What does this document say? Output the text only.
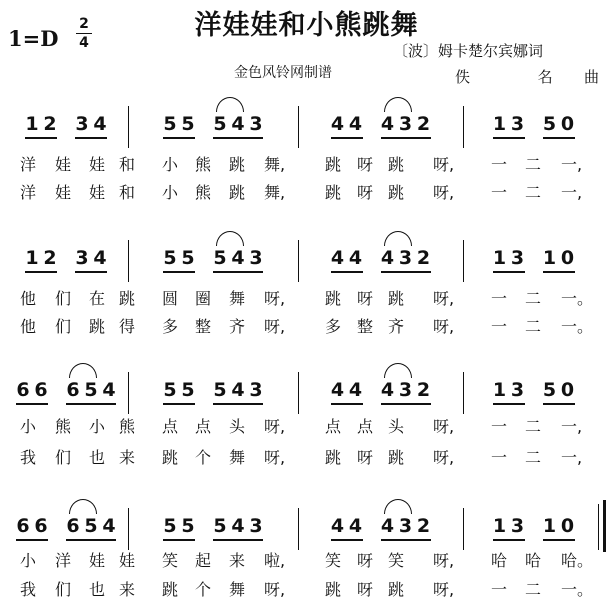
1=D
2
4
洋娃娃和小熊跳舞
金色风铃网制谱
〔波〕姆卡楚尔宾娜词
佚 名曲
1 2 3 4	5 5 5 4 3	4 4 4 3 2	1 3 5 0
洋 娃 娃 和 小 熊 跳 舞, 跳 呀 跳 呀, 一 二 一,
洋 娃 娃 和 小 熊 跳 舞, 跳 呀 跳 呀, 一 二 一,
1 2 3 4	5 5 5 4 3	4 4 4 3 2	1 3 1 0
他 们 在 跳 圆 圈 舞 呀, 跳 呀 跳 呀, 一 二 一。
他 们 跳 得 多 整 齐 呀, 多 整 齐 呀, 一 二 一。
6 6 6 5 4	5 5 5 4 3	4 4 4 3 2	1 3 5 0
小 熊 小 熊 点 点 头 呀, 点 点 头 呀, 一 二 一,
我 们 也 来 跳 个 舞 呀, 跳 呀 跳 呀, 一 二 一,
6 6 6 5 4	5 5 5 4 3	4 4 4 3 2	1 3 1 0
小 洋 娃 娃 笑 起 来 啦, 笑 呀 笑 呀, 哈 哈 哈。
我 们 也 来 跳 个 舞 呀, 跳 呀 跳 呀, 一 二 一。
